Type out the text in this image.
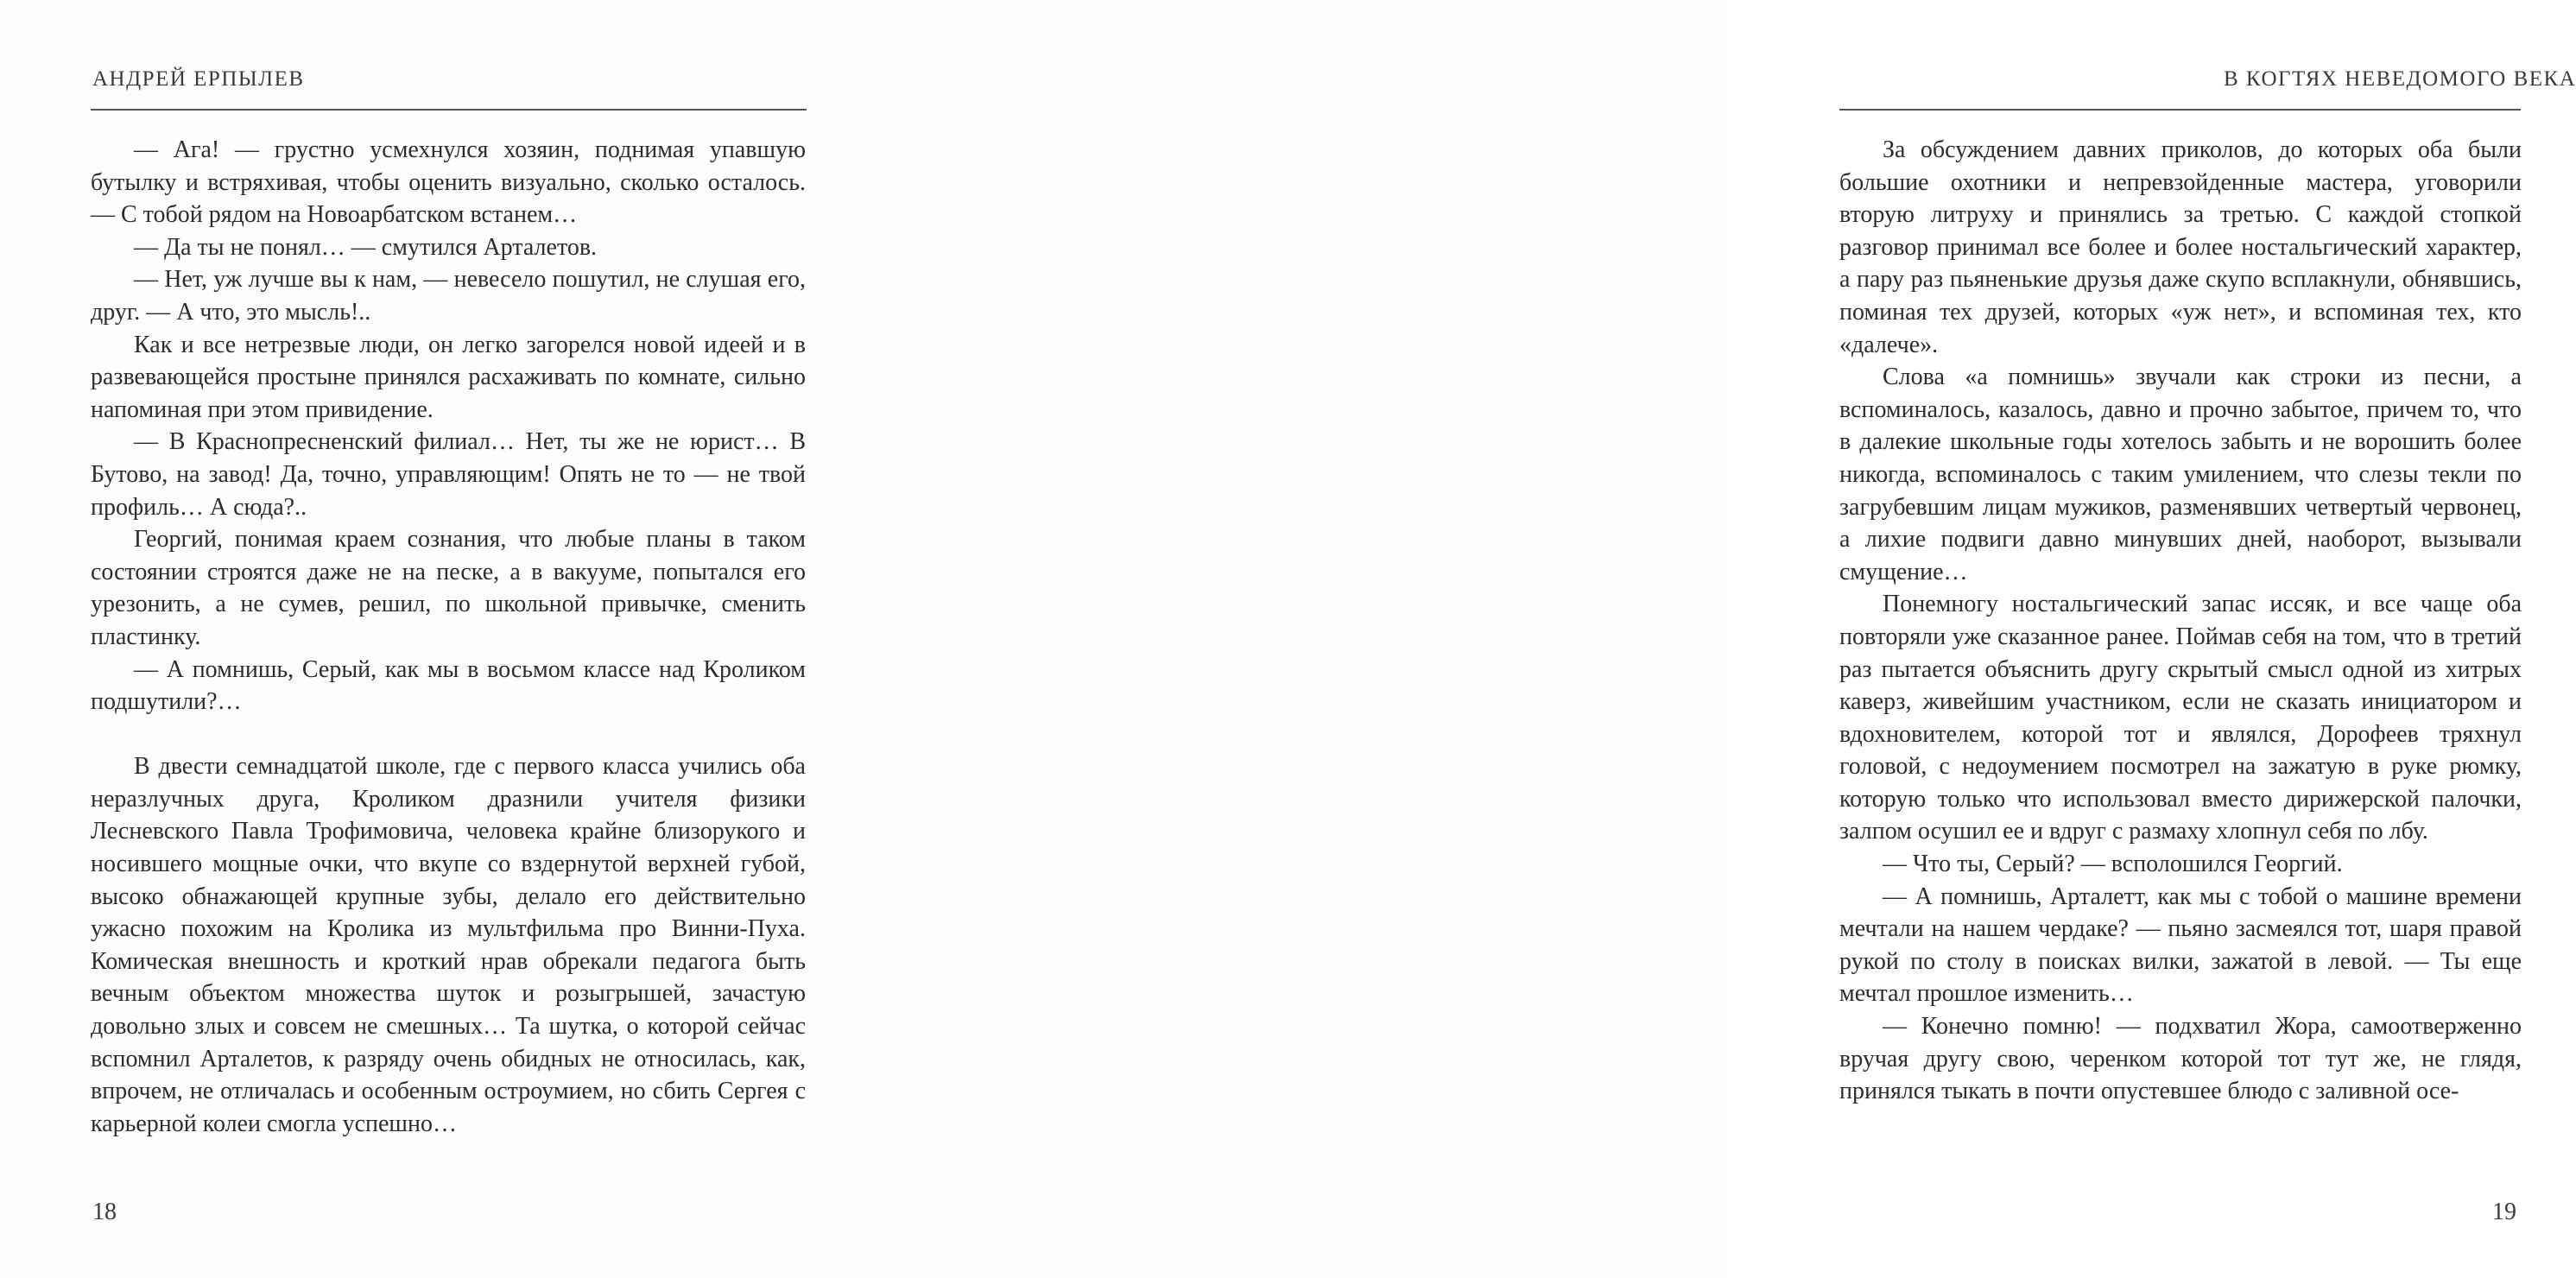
АНДРЕЙ ЕРПЫЛЕВ

— Ага! — грустно усмехнулся хозяин, поднимая упавшую бутылку и встряхивая, чтобы оценить визуально, сколько осталось. — С тобой рядом на Новоарбатском встанем…

— Да ты не понял… — смутился Арталетов.

— Нет, уж лучше вы к нам, — невесело пошутил, не слушая его, друг. — А что, это мысль!..

Как и все нетрезвые люди, он легко загорелся новой идеей и в развевающейся простыне принялся расхаживать по комнате, сильно напоминая при этом привидение.

— В Краснопресненский филиал… Нет, ты же не юрист… В Бутово, на завод! Да, точно, управляющим! Опять не то — не твой профиль… А сюда?..

Георгий, понимая краем сознания, что любые планы в таком состоянии строятся даже не на песке, а в вакууме, попытался его урезонить, а не сумев, решил, по школьной привычке, сменить пластинку.

— А помнишь, Серый, как мы в восьмом классе над Кроликом подшутили?…

В двести семнадцатой школе, где с первого класса учились оба неразлучных друга, Кроликом дразнили учителя физики Лесневского Павла Трофимовича, человека крайне близорукого и носившего мощные очки, что вкупе со вздернутой верхней губой, высоко обнажающей крупные зубы, делало его действительно ужасно похожим на Кролика из мультфильма про Винни-Пуха. Комическая внешность и кроткий нрав обрекали педагога быть вечным объектом множества шуток и розыгрышей, зачастую довольно злых и совсем не смешных… Та шутка, о которой сейчас вспомнил Арталетов, к разряду очень обидных не относилась, как, впрочем, не отличалась и особенным остроумием, но сбить Сергея с карьерной колеи смогла успешно…

18
В КОГТЯХ НЕВЕДОМОГО ВЕКА

За обсуждением давних приколов, до которых оба были большие охотники и непревзойденные мастера, уговорили вторую литруху и принялись за третью. С каждой стопкой разговор принимал все более и более ностальгический характер, а пару раз пьяненькие друзья даже скупо всплакнули, обнявшись, поминая тех друзей, которых «уж нет», и вспоминая тех, кто «далече».

Слова «а помнишь» звучали как строки из песни, а вспоминалось, казалось, давно и прочно забытое, причем то, что в далекие школьные годы хотелось забыть и не ворошить более никогда, вспоминалось с таким умилением, что слезы текли по загрубевшим лицам мужиков, разменявших четвертый червонец, а лихие подвиги давно минувших дней, наоборот, вызывали смущение…

Понемногу ностальгический запас иссяк, и все чаще оба повторяли уже сказанное ранее. Поймав себя на том, что в третий раз пытается объяснить другу скрытый смысл одной из хитрых каверз, живейшим участником, если не сказать инициатором и вдохновителем, которой тот и являлся, Дорофеев тряхнул головой, с недоумением посмотрел на зажатую в руке рюмку, которую только что использовал вместо дирижерской палочки, залпом осушил ее и вдруг с размаху хлопнул себя по лбу.

— Что ты, Серый? — всполошился Георгий.

— А помнишь, Арталетт, как мы с тобой о машине времени мечтали на нашем чердаке? — пьяно засмеялся тот, шаря правой рукой по столу в поисках вилки, зажатой в левой. — Ты еще мечтал прошлое изменить…

— Конечно помню! — подхватил Жора, самоотверженно вручая другу свою, черенком которой тот тут же, не глядя, принялся тыкать в почти опустевшее блюдо с заливной осе-

19
